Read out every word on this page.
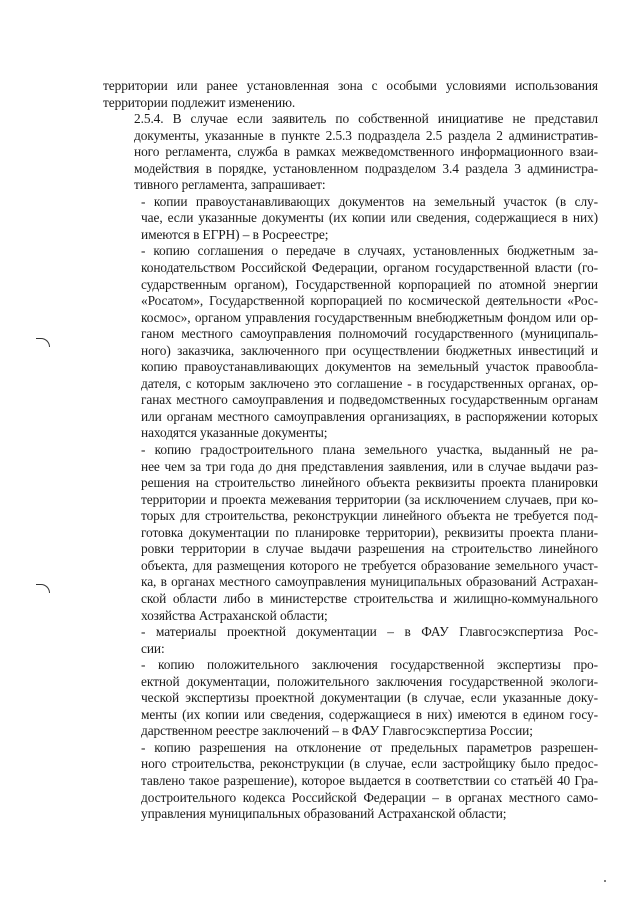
территории или ранее установленная зона с особыми условиями использования
территории подлежит изменению.

2.5.4. В случае если заявитель по собственной инициативе не представил
документы, указанные в пункте 2.5.3 подраздела 2.5 раздела 2 административ-
ного регламента, служба в рамках межведомственного информационного взаи-
модействия в порядке, установленном подразделом 3.4 раздела 3 администра-
тивного регламента, запрашивает:

- копии правоустанавливающих документов на земельный участок (в слу-
чае, если указанные документы (их копии или сведения, содержащиеся в них)
имеются в ЕГРН) – в Росреестре;

- копию соглашения о передаче в случаях, установленных бюджетным за-
конодательством Российской Федерации, органом государственной власти (го-
сударственным органом), Государственной корпорацией по атомной энергии
«Росатом», Государственной корпорацией по космической деятельности «Рос-
космос», органом управления государственным внебюджетным фондом или ор-
ганом местного самоуправления полномочий государственного (муниципаль-
ного) заказчика, заключенного при осуществлении бюджетных инвестиций и
копию правоустанавливающих документов на земельный участок правооблa-
дателя, с которым заключено это соглашение - в государственных органах, ор-
ганах местного самоуправления и подведомственных государственным органам
или органам местного самоуправления организациях, в распоряжении которых
находятся указанные документы;

- копию градостроительного плана земельного участка, выданный не ра-
нее чем за три года до дня представления заявления, или в случае выдачи раз-
решения на строительство линейного объекта реквизиты проекта планировки
территории и проекта межевания территории (за исключением случаев, при ко-
торых для строительства, реконструкции линейного объекта не требуется под-
готовка документации по планировке территории), реквизиты проекта плани-
ровки территории в случае выдачи разрешения на строительство линейного
объекта, для размещения которого не требуется образование земельного участ-
ка, в органах местного самоуправления муниципальных образований Астрахан-
ской области либо в министерстве строительства и жилищно-коммунального
хозяйства Астраханской области;

- материалы проектной документации – в ФАУ Главгосэкспертиза Рос-
сии:

- копию положительного заключения государственной экспертизы про-
ектной документации, положительного заключения государственной экологи-
ческой экспертизы проектной документации (в случае, если указанные доку-
менты (их копии или сведения, содержащиеся в них) имеются в едином госу-
дарственном реестре заключений – в ФАУ Главгосэкспертиза России;

- копию разрешения на отклонение от предельных параметров разрешен-
ного строительства, реконструкции (в случае, если застройщику было предос-
тавлено такое разрешение), которое выдается в соответствии со статьёй 40 Гра-
достроительного кодекса Российской Федерации – в органах местного само-
управления муниципальных образований Астраханской области;
